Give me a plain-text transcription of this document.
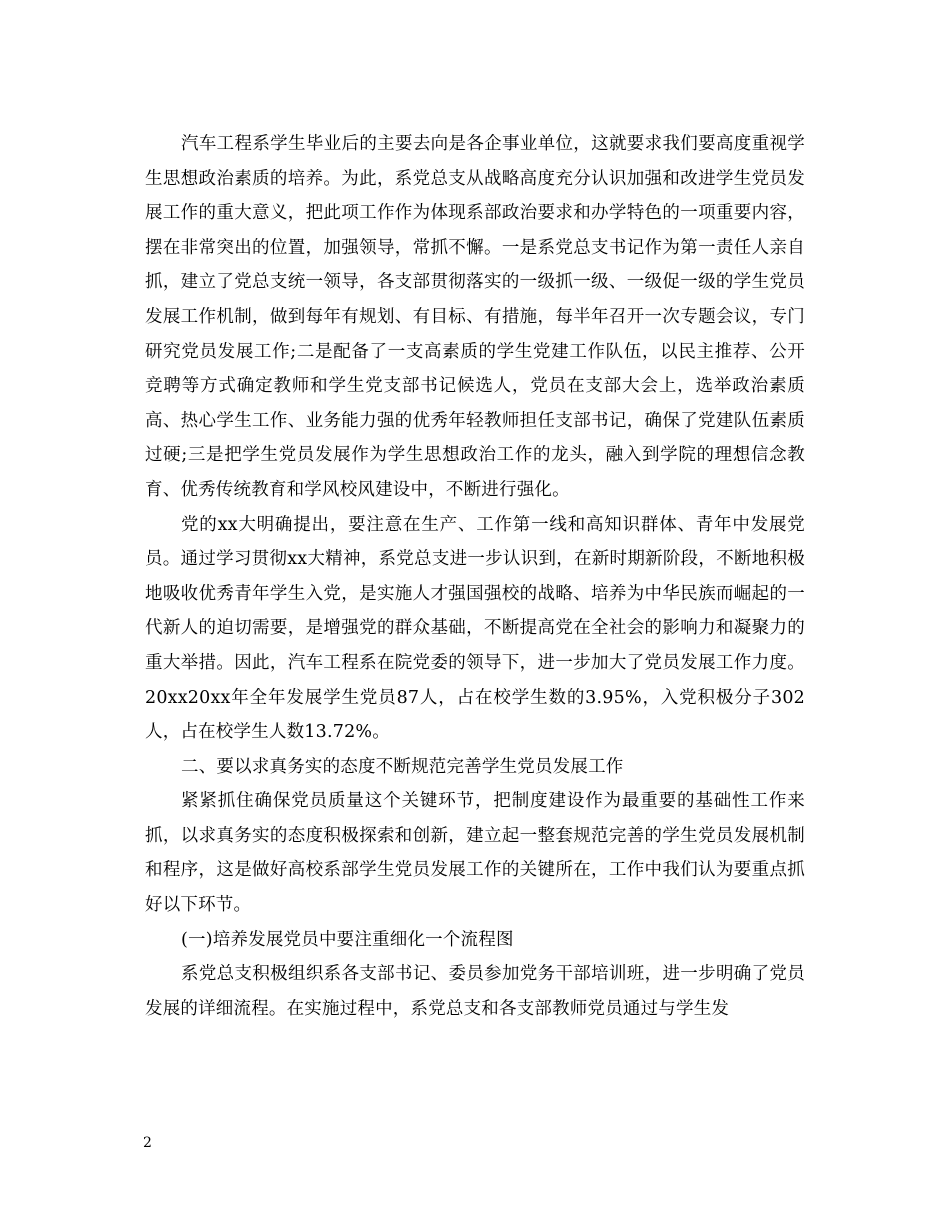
汽车工程系学生毕业后的主要去向是各企事业单位，这就要求我们要高度重视学生思想政治素质的培养。为此，系党总支从战略高度充分认识加强和改进学生党员发展工作的重大意义，把此项工作作为体现系部政治要求和办学特色的一项重要内容，摆在非常突出的位置，加强领导，常抓不懈。一是系党总支书记作为第一责任人亲自抓，建立了党总支统一领导，各支部贯彻落实的一级抓一级、一级促一级的学生党员发展工作机制，做到每年有规划、有目标、有措施，每半年召开一次专题会议，专门研究党员发展工作;二是配备了一支高素质的学生党建工作队伍，以民主推荐、公开竞聘等方式确定教师和学生党支部书记候选人，党员在支部大会上，选举政治素质高、热心学生工作、业务能力强的优秀年轻教师担任支部书记，确保了党建队伍素质过硬;三是把学生党员发展作为学生思想政治工作的龙头，融入到学院的理想信念教育、优秀传统教育和学风校风建设中，不断进行强化。

党的xx大明确提出，要注意在生产、工作第一线和高知识群体、青年中发展党员。通过学习贯彻xx大精神，系党总支进一步认识到，在新时期新阶段，不断地积极地吸收优秀青年学生入党，是实施人才强国强校的战略、培养为中华民族而崛起的一代新人的迫切需要，是增强党的群众基础，不断提高党在全社会的影响力和凝聚力的重大举措。因此，汽车工程系在院党委的领导下，进一步加大了党员发展工作力度。20xx20xx年全年发展学生党员87人，占在校学生数的3.95%，入党积极分子302人，占在校学生人数13.72%。

二、要以求真务实的态度不断规范完善学生党员发展工作

紧紧抓住确保党员质量这个关键环节，把制度建设作为最重要的基础性工作来抓，以求真务实的态度积极探索和创新，建立起一整套规范完善的学生党员发展机制和程序，这是做好高校系部学生党员发展工作的关键所在，工作中我们认为要重点抓好以下环节。

(一)培养发展党员中要注重细化一个流程图

系党总支积极组织系各支部书记、委员参加党务干部培训班，进一步明确了党员发展的详细流程。在实施过程中，系党总支和各支部教师党员通过与学生发

2
